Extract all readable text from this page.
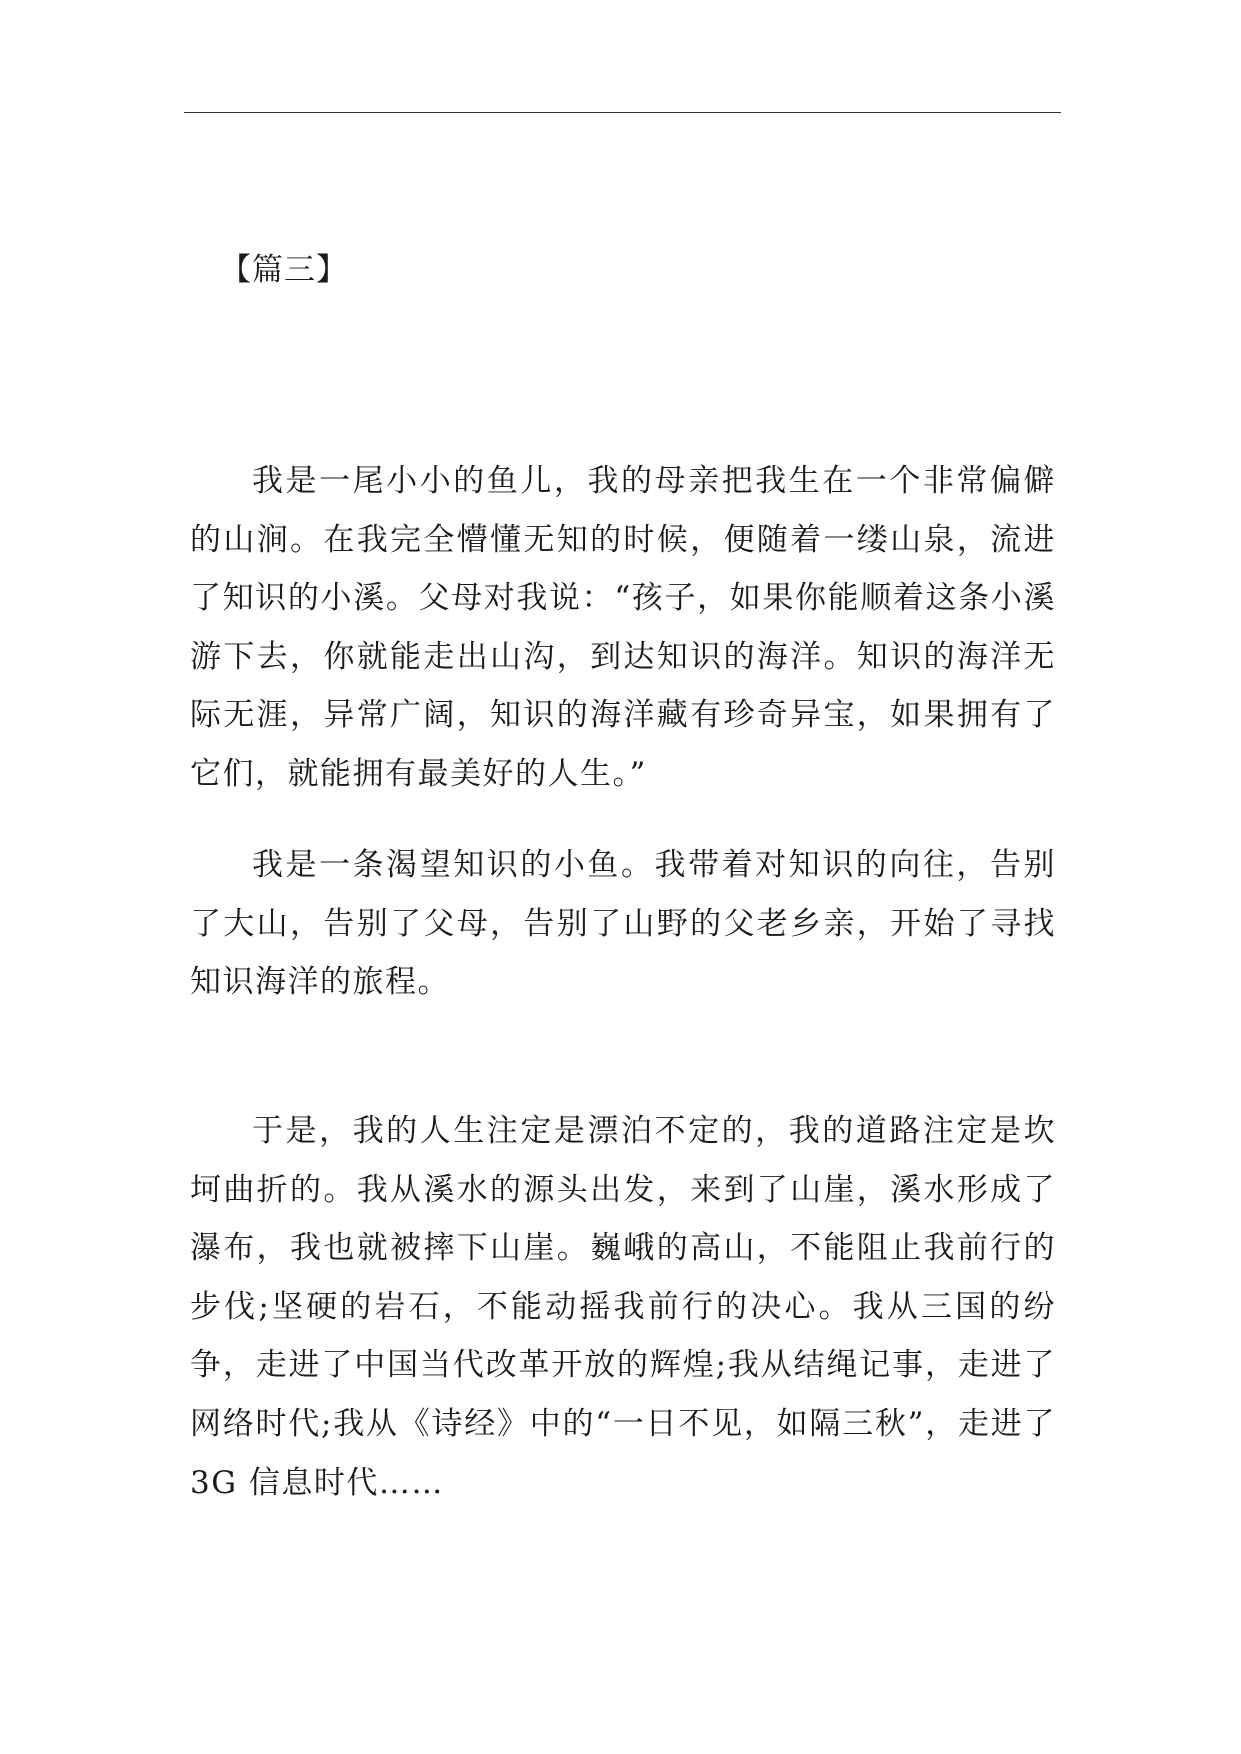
【篇三】

我是一尾小小的鱼儿，我的母亲把我生在一个非常偏僻的山涧。在我完全懵懂无知的时候，便随着一缕山泉，流进了知识的小溪。父母对我说：“孩子，如果你能顺着这条小溪游下去，你就能走出山沟，到达知识的海洋。知识的海洋无际无涯，异常广阔，知识的海洋藏有珍奇异宝，如果拥有了它们，就能拥有最美好的人生。”

我是一条渴望知识的小鱼。我带着对知识的向往，告别了大山，告别了父母，告别了山野的父老乡亲，开始了寻找知识海洋的旅程。

于是，我的人生注定是漂泊不定的，我的道路注定是坎坷曲折的。我从溪水的源头出发，来到了山崖，溪水形成了瀑布，我也就被摔下山崖。巍峨的高山，不能阻止我前行的步伐;坚硬的岩石，不能动摇我前行的决心。我从三国的纷争，走进了中国当代改革开放的辉煌;我从结绳记事，走进了网络时代;我从《诗经》中的“一日不见，如隔三秋”，走进了 3G 信息时代……
